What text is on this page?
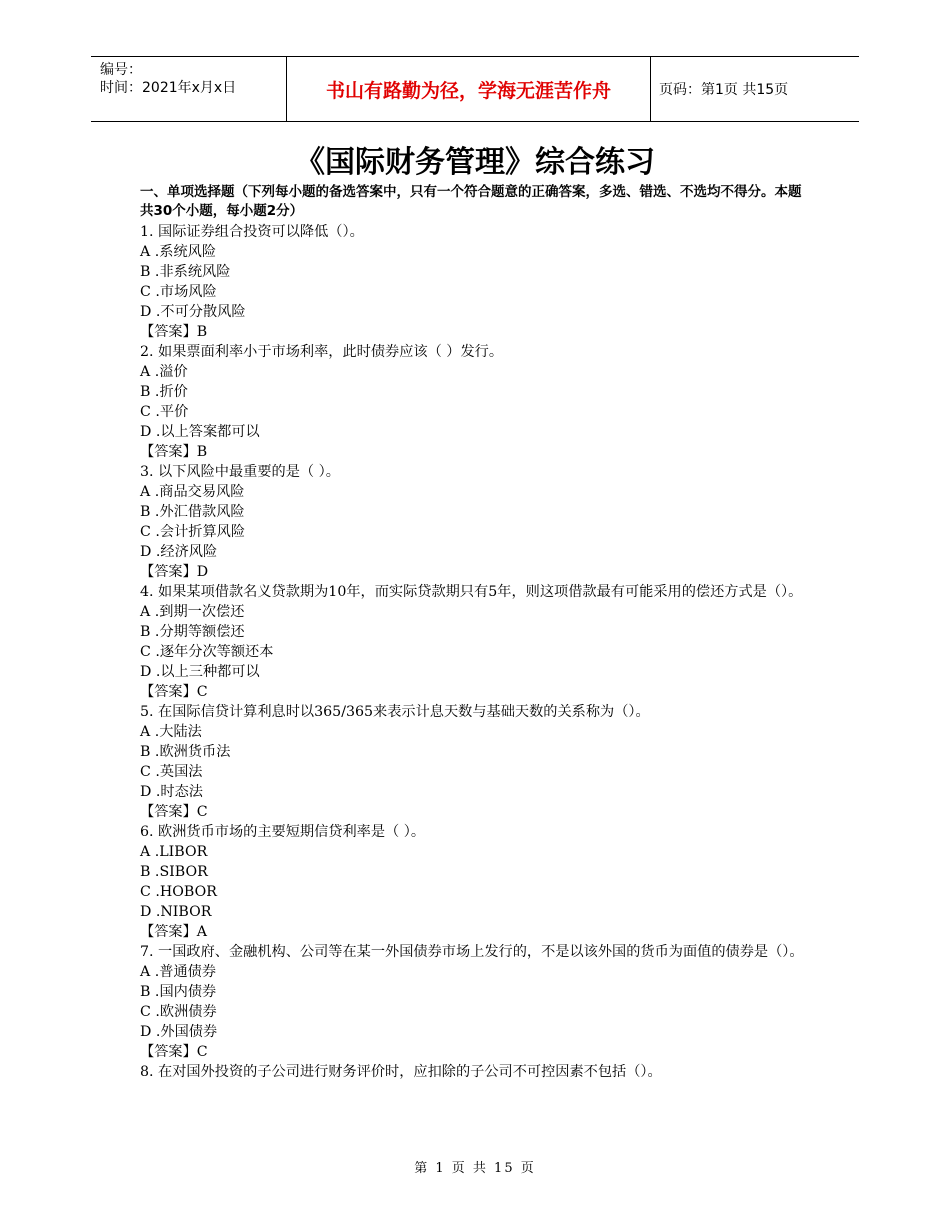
编号：
时间：2021年x月x日	书山有路勤为径，学海无涯苦作舟	页码：第1页 共15页
《国际财务管理》综合练习
一、单项选择题（下列每小题的备选答案中，只有一个符合题意的正确答案，多选、错选、不选均不得分。本题共30个小题，每小题2分）
1. 国际证券组合投资可以降低（）。
A .系统风险
B .非系统风险
C .市场风险
D .不可分散风险
【答案】B
2. 如果票面利率小于市场利率，此时债券应该（ ）发行。
A .溢价
B .折价
C .平价
D .以上答案都可以
【答案】B
3. 以下风险中最重要的是（ ）。
A .商品交易风险
B .外汇借款风险
C .会计折算风险
D .经济风险
【答案】D
4. 如果某项借款名义贷款期为10年，而实际贷款期只有5年，则这项借款最有可能采用的偿还方式是（）。
A .到期一次偿还
B .分期等额偿还
C .逐年分次等额还本
D .以上三种都可以
【答案】C
5. 在国际信贷计算利息时以365/365来表示计息天数与基础天数的关系称为（）。
A .大陆法
B .欧洲货币法
C .英国法
D .时态法
【答案】C
6. 欧洲货币市场的主要短期信贷利率是（ ）。
A .LIBOR
B .SIBOR
C .HOBOR
D .NIBOR
【答案】A
7. 一国政府、金融机构、公司等在某一外国债券市场上发行的，不是以该外国的货币为面值的债券是（）。
A .普通债券
B .国内债券
C .欧洲债券
D .外国债券
【答案】C
8. 在对国外投资的子公司进行财务评价时，应扣除的子公司不可控因素不包括（）。
第 1 页 共 15 页
